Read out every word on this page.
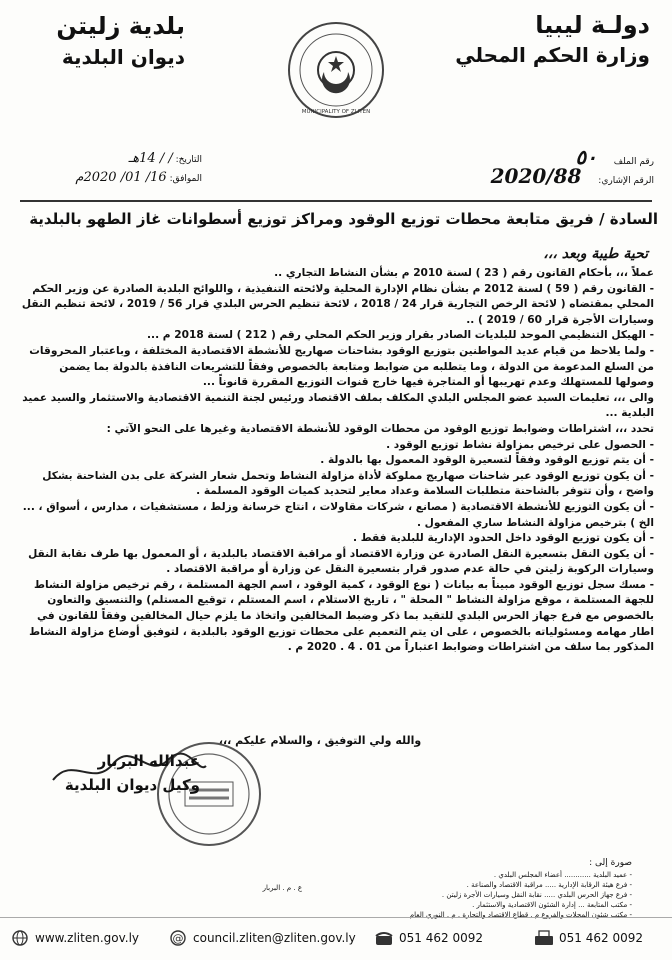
دولـة ليبيا
وزارة الحكم المحلي
MUNICIPALITY OF ZLITEN
بلدية زليتن
ديوان البلدية
رقم الملف ٥٠
الرقم الإشاري: 2020/88
التاريخ: / / 14هـ
الموافق: 16/ 01/ 2020م
السادة / فريق متابعة محطات توزيع الوقود ومراكز توزيع أسطوانات غاز الطهو بالبلدية
تحية طيبة وبعد ،،،

عملاً ،،، بأحكام القانون رقم ( 23 ) لسنة 2010 م بشأن النشاط التجاري ..

- القانون رقم ( 59 ) لسنة 2012 م بشأن نظام الإدارة المحلية ولائحته التنفيذية ، واللوائح البلدية الصادرة عن وزير الحكم المحلي بمقتضاه ( لائحة الرخص التجارية قرار 24 / 2018 ، لائحة تنظيم الحرس البلدي قرار 56 / 2019 ، لائحة تنظيم النقل وسيارات الأجرة قرار 60 / 2019 ) ..

- الهيكل التنظيمي الموحد للبلديات الصادر بقرار وزير الحكم المحلي رقم ( 212 ) لسنة 2018 م ...

- ولما يلاحظ من قيام عديد المواطنين بتوزيع الوقود بشاحنات صهاريج للأنشطة الاقتصادية المختلفة ، وباعتبار المحروقات من السلع المدعومة من الدولة ، وما يتطلبه من ضوابط ومتابعة بالخصوص وفقاً للتشريعات النافذة بالدولة بما يضمن وصولها للمستهلك وعدم تهريبها أو المتاجرة فيها خارج قنوات التوزيع المقررة قانوناً ...

والى ،،، تعليمات السيد عضو المجلس البلدي المكلف بملف الاقتصاد ورئيس لجنة التنمية الاقتصادية والاستثمار والسيد عميد البلدية ...

تحدد ،،، اشتراطات وضوابط توزيع الوقود من محطات الوقود للأنشطة الاقتصادية وغيرها على النحو الآتي :

- الحصول على ترخيص بمزاولة نشاط توزيع الوقود .

- أن يتم توزيع الوقود وفقاً لتسعيرة الوقود المعمول بها بالدولة .

- أن يكون توزيع الوقود عبر شاحنات صهاريج مملوكة لأداة مزاولة النشاط وتحمل شعار الشركة على بدن الشاحنة بشكل واضح ، وأن تتوفر بالشاحنة متطلبات السلامة وعداد معاير لتحديد كميات الوقود المسلمة .

- أن يكون التوزيع للأنشطة الاقتصادية ( مصانع ، شركات مقاولات ، انتاج خرسانة وزلط ، مستشفيات ، مدارس ، أسواق ، ... الخ ) بترخيص مزاولة النشاط ساري المفعول .

- أن يكون توزيع الوقود داخل الحدود الإدارية للبلدية فقط .

- أن يكون النقل بتسعيرة النقل الصادرة عن وزارة الاقتصاد أو مراقبة الاقتصاد بالبلدية ، أو المعمول بها طرف نقابة النقل وسيارات الركوبة زليتن في حالة عدم صدور قرار بتسعيرة النقل عن وزارة أو مراقبة الاقتصاد .

- مسك سجل توزيع الوقود مبيناً به بيانات ( نوع الوقود ، كمية الوقود ، اسم الجهة المستلمة ، رقم ترخيص مزاولة النشاط للجهة المستلمة ، موقع مزاولة النشاط " المحلة " ، تاريخ الاستلام ، اسم المستلم ، توقيع المستلم) والتنسيق والتعاون بالخصوص مع فرع جهاز الحرس البلدي للتقيد بما ذكر وضبط المخالفين واتخاذ ما يلزم حيال المخالفين وفقاً للقانون في اطار مهامه ومسئولياته بالخصوص ، على ان يتم التعميم على محطات توزيع الوقود بالبلدية ، لتوفيق أوضاع مزاولة النشاط المذكور بما سلف من اشتراطات وضوابط اعتباراً من 01 . 4 . 2020 م .

والله ولي التوفيق ، والسلام عليكم ،،،
عبدالله البربار
وكيل ديوان البلدية
صورة إلى :
- عميد البلدية ............ أعضاء المجلس البلدي .
- فرع هيئة الرقابة الإدارية ..... مراقبة الاقتصاد والصناعة .
- فرع جهاز الحرس البلدي ..... نقابة النقل وسيارات الأجرة زليتن .
- مكتب المتابعة ... إدارة الشئون الاقتصادية والاستثمار .
- مكتب شئون المحلات والفروع م . قطاع الاقتصاد والتجارة . م . النوري العام
ع . م . البربار
www.zliten.gov.ly	@ council.zliten@zliten.gov.ly	051 462 0092	051 462 0092
